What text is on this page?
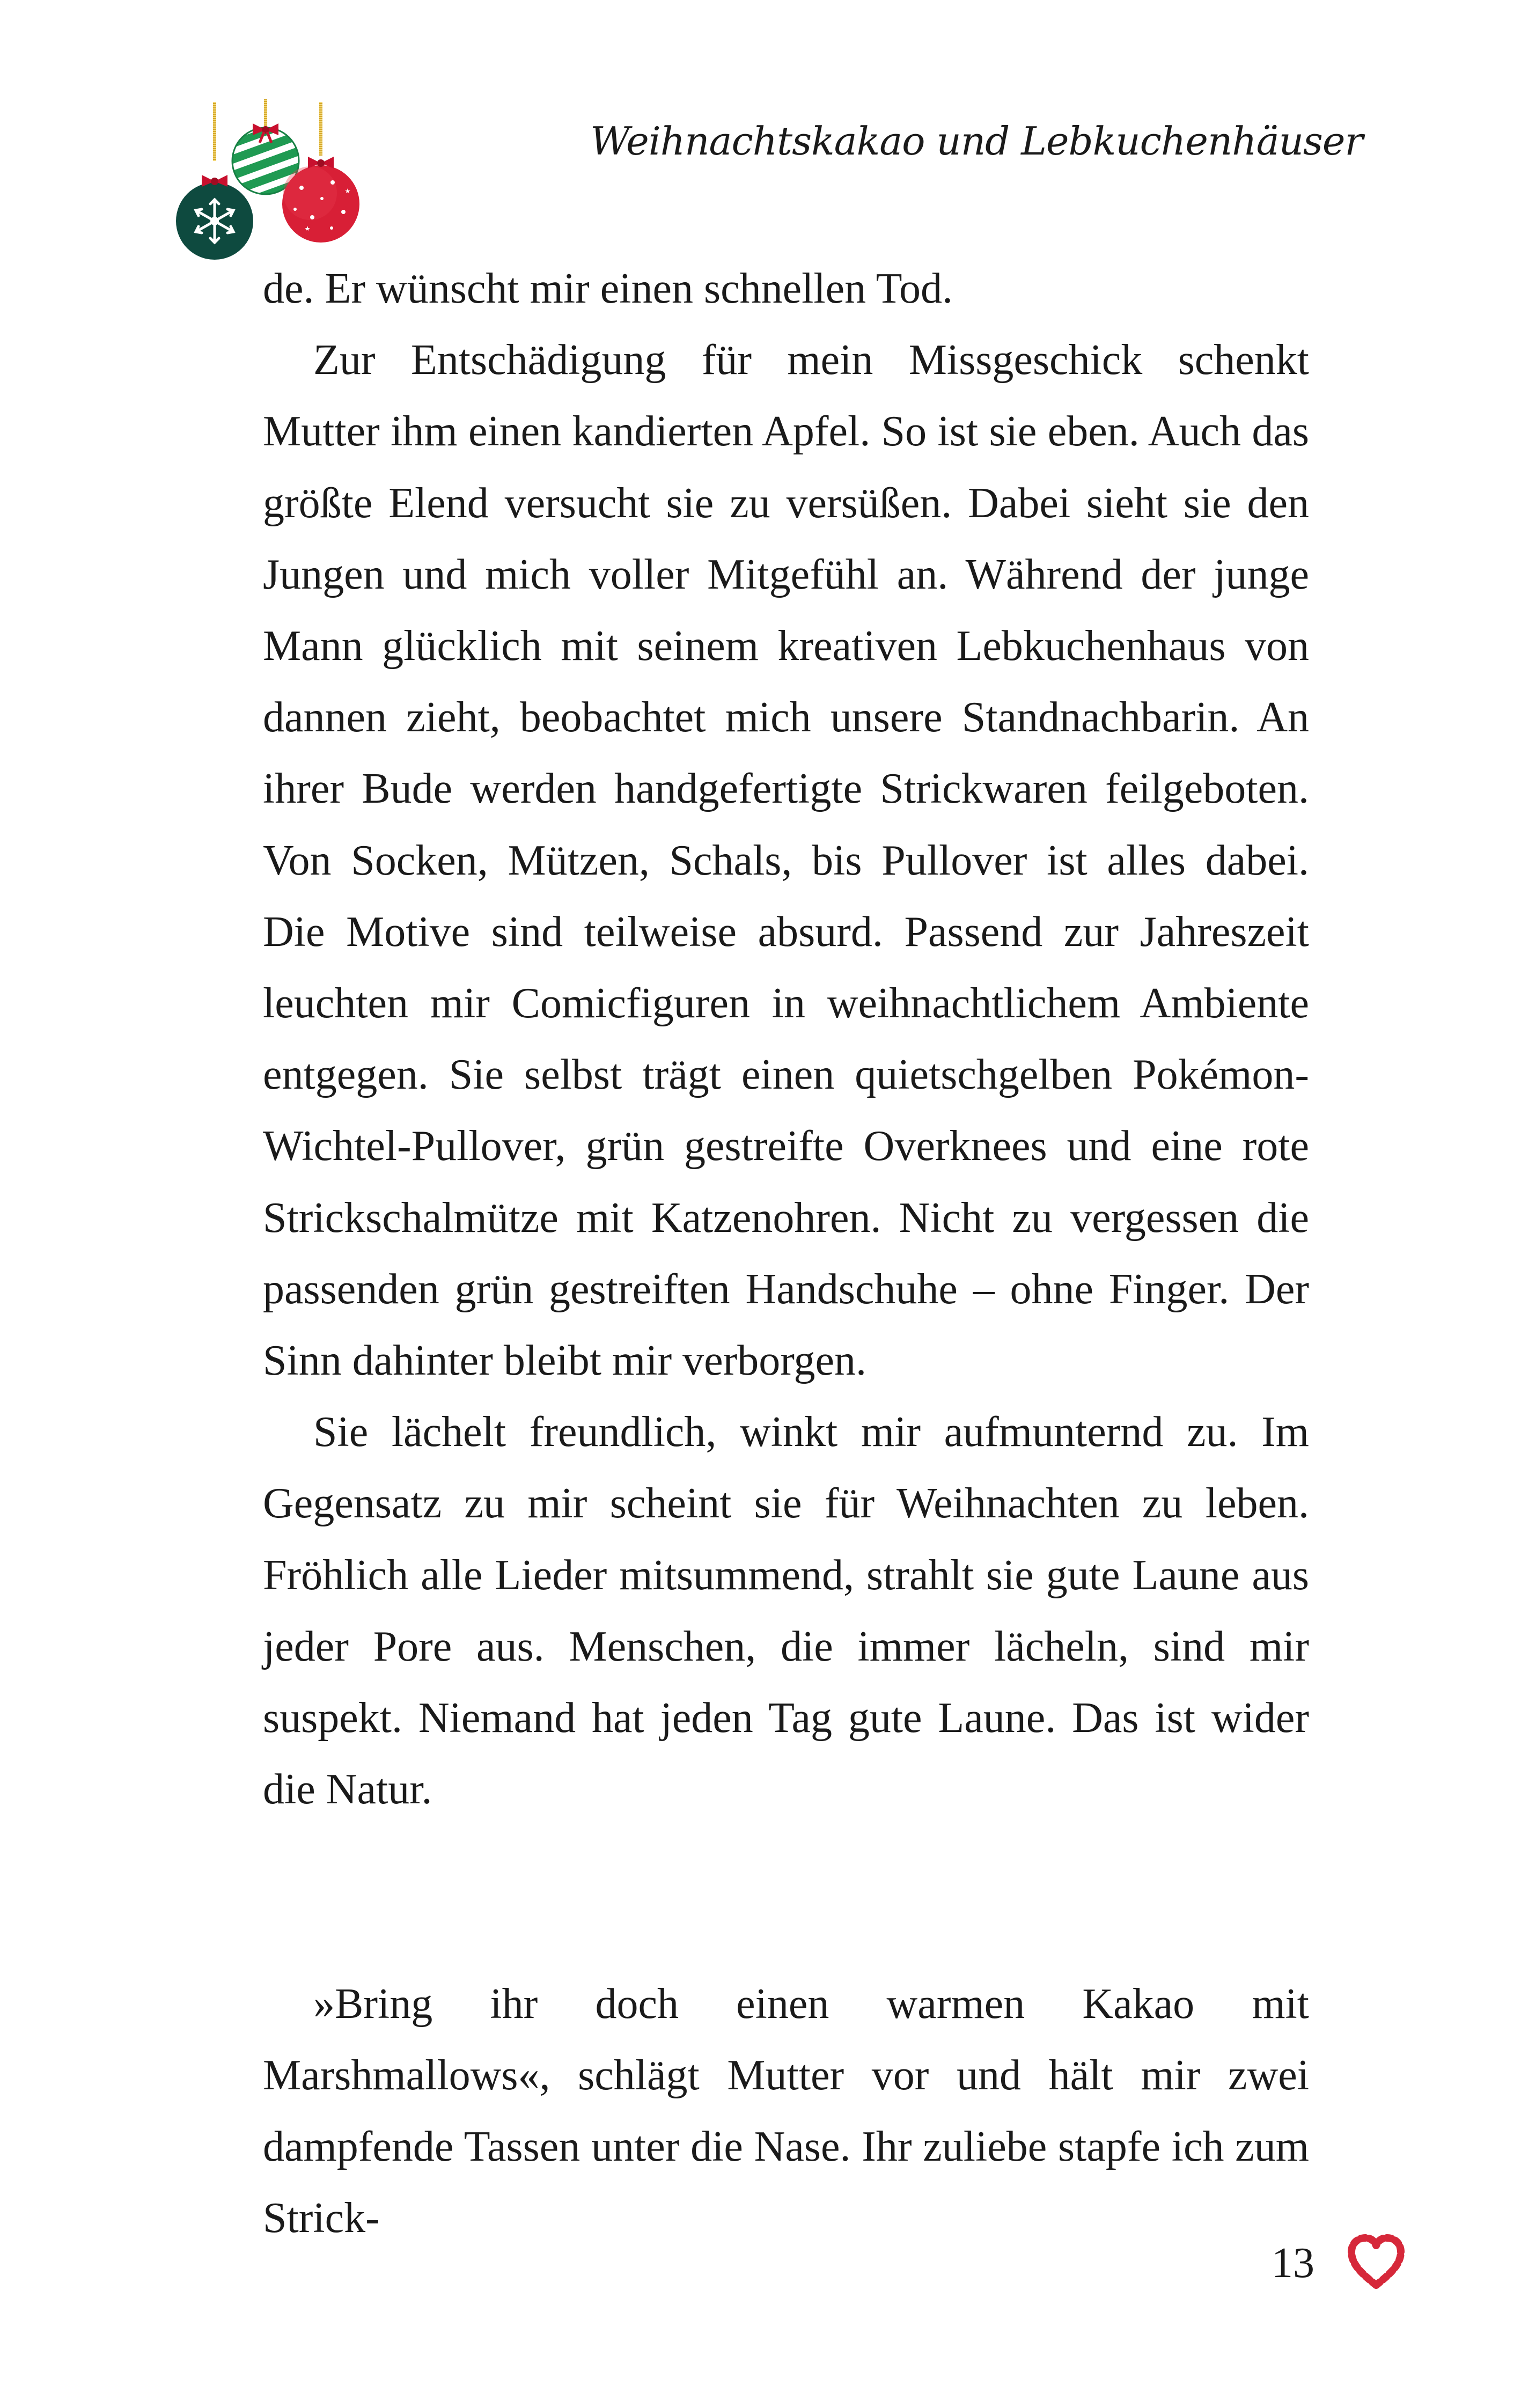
Weihnachtskakao und Lebkuchenhäuser

de. Er wünscht mir einen schnellen Tod.

Zur Entschädigung für mein Missgeschick schenkt Mutter ihm einen kandierten Apfel. So ist sie eben. Auch das größte Elend versucht sie zu versüßen. Dabei sieht sie den Jungen und mich voller Mitgefühl an. Während der junge Mann glücklich mit seinem kreativen Lebkuchenhaus von dannen zieht, beobachtet mich unsere Standnachbarin. An ihrer Bude werden handgefertigte Strickwaren feilgeboten. Von Socken, Mützen, Schals, bis Pullover ist alles dabei. Die Motive sind teilweise absurd. Passend zur Jahreszeit leuchten mir Comicfiguren in weihnachtlichem Ambiente entgegen. Sie selbst trägt einen quietschgelben Pokémon-Wichtel-Pullover, grün gestreifte Overknees und eine rote Strickschalmütze mit Katzenohren. Nicht zu vergessen die passenden grün gestreiften Handschuhe – ohne Finger. Der Sinn dahinter bleibt mir verborgen.

Sie lächelt freundlich, winkt mir aufmunternd zu. Im Gegensatz zu mir scheint sie für Weihnachten zu leben. Fröhlich alle Lieder mitsummend, strahlt sie gute Laune aus jeder Pore aus. Menschen, die immer lächeln, sind mir suspekt. Niemand hat jeden Tag gute Laune. Das ist wider die Natur.

»Bring ihr doch einen warmen Kakao mit Marshmallows«, schlägt Mutter vor und hält mir zwei dampfende Tassen unter die Nase. Ihr zuliebe stapfe ich zum Strick-

13
